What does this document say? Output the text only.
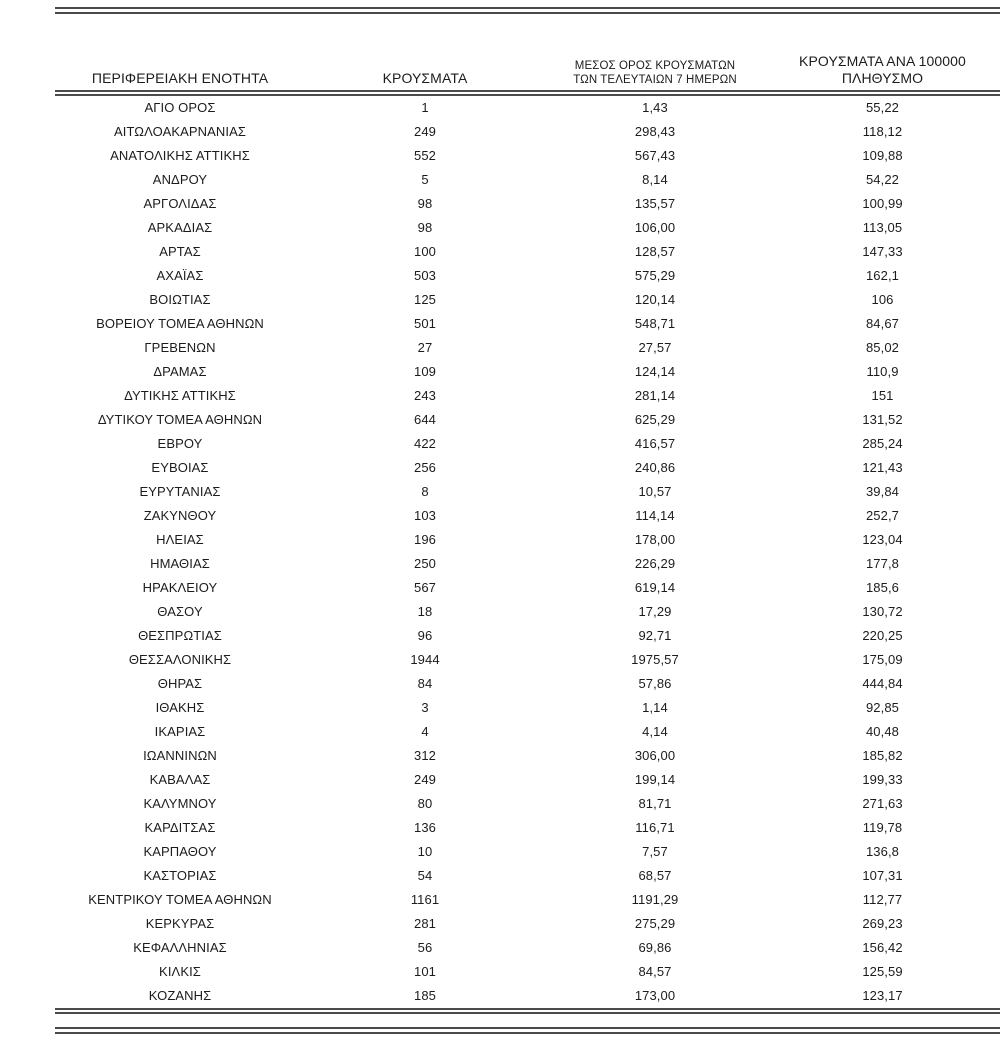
ΠΕΡΙΦΕΡΕΙΑΚΗ ΕΝΟΤΗΤΑ	ΚΡΟΥΣΜΑΤΑ	ΜΕΣΟΣ ΟΡΟΣ ΚΡΟΥΣΜΑΤΩΝ
ΤΩΝ ΤΕΛΕΥΤΑΙΩΝ 7 ΗΜΕΡΩΝ	ΚΡΟΥΣΜΑΤΑ ΑΝΑ 100000
ΠΛΗΘΥΣΜΟ

ΑΓΙΟ ΟΡΟΣ	1	1,43	55,22
ΑΙΤΩΛΟΑΚΑΡΝΑΝΙΑΣ	249	298,43	118,12
ΑΝΑΤΟΛΙΚΗΣ ΑΤΤΙΚΗΣ	552	567,43	109,88
ΑΝΔΡΟΥ	5	8,14	54,22
ΑΡΓΟΛΙΔΑΣ	98	135,57	100,99
ΑΡΚΑΔΙΑΣ	98	106,00	113,05
ΑΡΤΑΣ	100	128,57	147,33
ΑΧΑΪΑΣ	503	575,29	162,1
ΒΟΙΩΤΙΑΣ	125	120,14	106
ΒΟΡΕΙΟΥ ΤΟΜΕΑ ΑΘΗΝΩΝ	501	548,71	84,67
ΓΡΕΒΕΝΩΝ	27	27,57	85,02
ΔΡΑΜΑΣ	109	124,14	110,9
ΔΥΤΙΚΗΣ ΑΤΤΙΚΗΣ	243	281,14	151
ΔΥΤΙΚΟΥ ΤΟΜΕΑ ΑΘΗΝΩΝ	644	625,29	131,52
ΕΒΡΟΥ	422	416,57	285,24
ΕΥΒΟΙΑΣ	256	240,86	121,43
ΕΥΡΥΤΑΝΙΑΣ	8	10,57	39,84
ΖΑΚΥΝΘΟΥ	103	114,14	252,7
ΗΛΕΙΑΣ	196	178,00	123,04
ΗΜΑΘΙΑΣ	250	226,29	177,8
ΗΡΑΚΛΕΙΟΥ	567	619,14	185,6
ΘΑΣΟΥ	18	17,29	130,72
ΘΕΣΠΡΩΤΙΑΣ	96	92,71	220,25
ΘΕΣΣΑΛΟΝΙΚΗΣ	1944	1975,57	175,09
ΘΗΡΑΣ	84	57,86	444,84
ΙΘΑΚΗΣ	3	1,14	92,85
ΙΚΑΡΙΑΣ	4	4,14	40,48
ΙΩΑΝΝΙΝΩΝ	312	306,00	185,82
ΚΑΒΑΛΑΣ	249	199,14	199,33
ΚΑΛΥΜΝΟΥ	80	81,71	271,63
ΚΑΡΔΙΤΣΑΣ	136	116,71	119,78
ΚΑΡΠΑΘΟΥ	10	7,57	136,8
ΚΑΣΤΟΡΙΑΣ	54	68,57	107,31
ΚΕΝΤΡΙΚΟΥ ΤΟΜΕΑ ΑΘΗΝΩΝ	1161	1191,29	112,77
ΚΕΡΚΥΡΑΣ	281	275,29	269,23
ΚΕΦΑΛΛΗΝΙΑΣ	56	69,86	156,42
ΚΙΛΚΙΣ	101	84,57	125,59
ΚΟΖΑΝΗΣ	185	173,00	123,17
